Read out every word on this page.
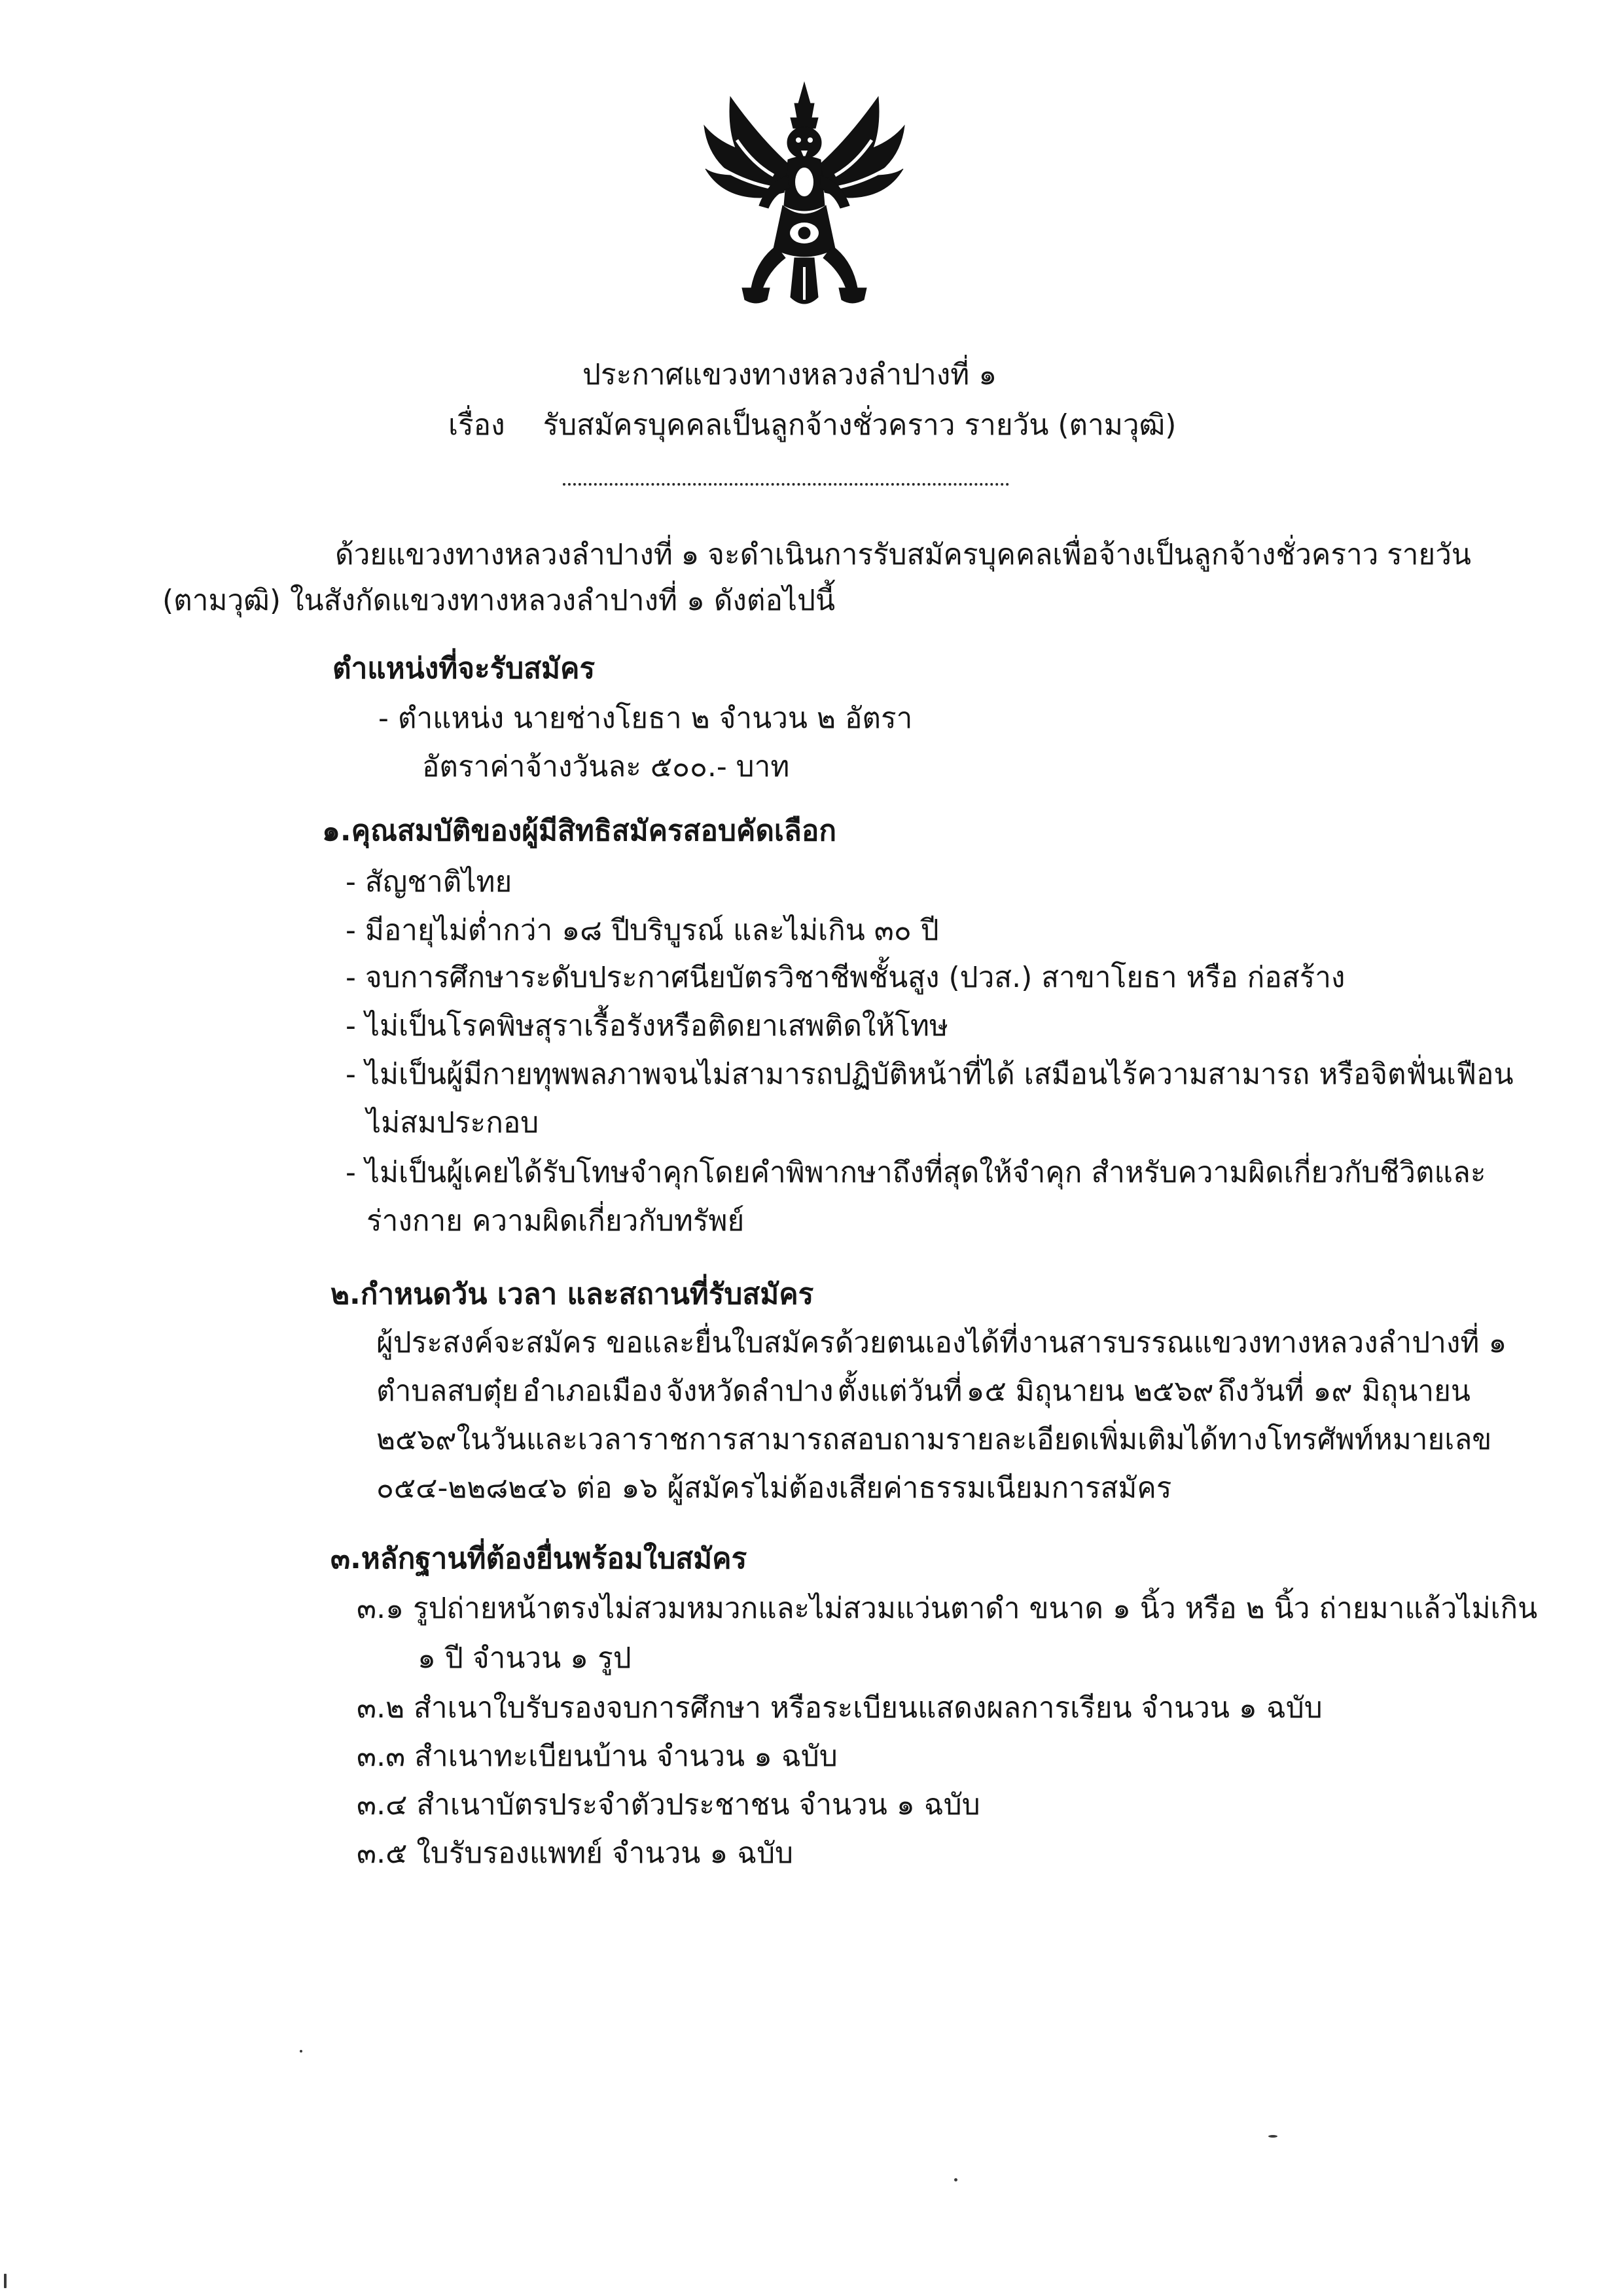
ประกาศแขวงทางหลวงลำปางที่ ๑
เรื่อง รับสมัครบุคคลเป็นลูกจ้างชั่วคราว รายวัน (ตามวุฒิ)
ด้วยแขวงทางหลวงลำปางที่ ๑ จะดำเนินการรับสมัครบุคคลเพื่อจ้างเป็นลูกจ้างชั่วคราว รายวัน
(ตามวุฒิ) ในสังกัดแขวงทางหลวงลำปางที่ ๑ ดังต่อไปนี้
ตำแหน่งที่จะรับสมัคร
- ตำแหน่ง นายช่างโยธา ๒ จำนวน ๒ อัตรา
อัตราค่าจ้างวันละ ๕๐๐.- บาท
๑.คุณสมบัติของผู้มีสิทธิสมัครสอบคัดเลือก
- สัญชาติไทย
- มีอายุไม่ต่ำกว่า ๑๘ ปีบริบูรณ์ และไม่เกิน ๓๐ ปี
- จบการศึกษาระดับประกาศนียบัตรวิชาชีพชั้นสูง (ปวส.) สาขาโยธา หรือ ก่อสร้าง
- ไม่เป็นโรคพิษสุราเรื้อรังหรือติดยาเสพติดให้โทษ
- ไม่เป็นผู้มีกายทุพพลภาพจนไม่สามารถปฏิบัติหน้าที่ได้ เสมือนไร้ความสามารถ หรือจิตฟั่นเฟือน
ไม่สมประกอบ
- ไม่เป็นผู้เคยได้รับโทษจำคุกโดยคำพิพากษาถึงที่สุดให้จำคุก สำหรับความผิดเกี่ยวกับชีวิตและ
ร่างกาย ความผิดเกี่ยวกับทรัพย์
๒.กำหนดวัน เวลา และสถานที่รับสมัคร
ผู้ประสงค์จะสมัคร ขอและยื่นใบสมัครด้วยตนเองได้ที่ งานสารบรรณ แขวงทางหลวงลำปางที่ ๑
ตำบลสบตุ๋ย อำเภอเมือง จังหวัดลำปาง ตั้งแต่วันที่ ๑๕ มิถุนายน ๒๕๖๙ ถึงวันที่ ๑๙ มิถุนายน
๒๕๖๙ ในวันและเวลาราชการ สามารถสอบถามรายละเอียดเพิ่มเติมได้ทางโทรศัพท์หมายเลข
๐๕๔-๒๒๘๒๔๖ ต่อ ๑๖ ผู้สมัครไม่ต้องเสียค่าธรรมเนียมการสมัคร
๓.หลักฐานที่ต้องยื่นพร้อมใบสมัคร
๓.๑ รูปถ่ายหน้าตรงไม่สวมหมวกและไม่สวมแว่นตาดำ ขนาด ๑ นิ้ว หรือ ๒ นิ้ว ถ่ายมาแล้วไม่เกิน
๑ ปี จำนวน ๑ รูป
๓.๒ สำเนาใบรับรองจบการศึกษา หรือระเบียนแสดงผลการเรียน จำนวน ๑ ฉบับ
๓.๓ สำเนาทะเบียนบ้าน จำนวน ๑ ฉบับ
๓.๔ สำเนาบัตรประจำตัวประชาชน จำนวน ๑ ฉบับ
๓.๕ ใบรับรองแพทย์ จำนวน ๑ ฉบับ
